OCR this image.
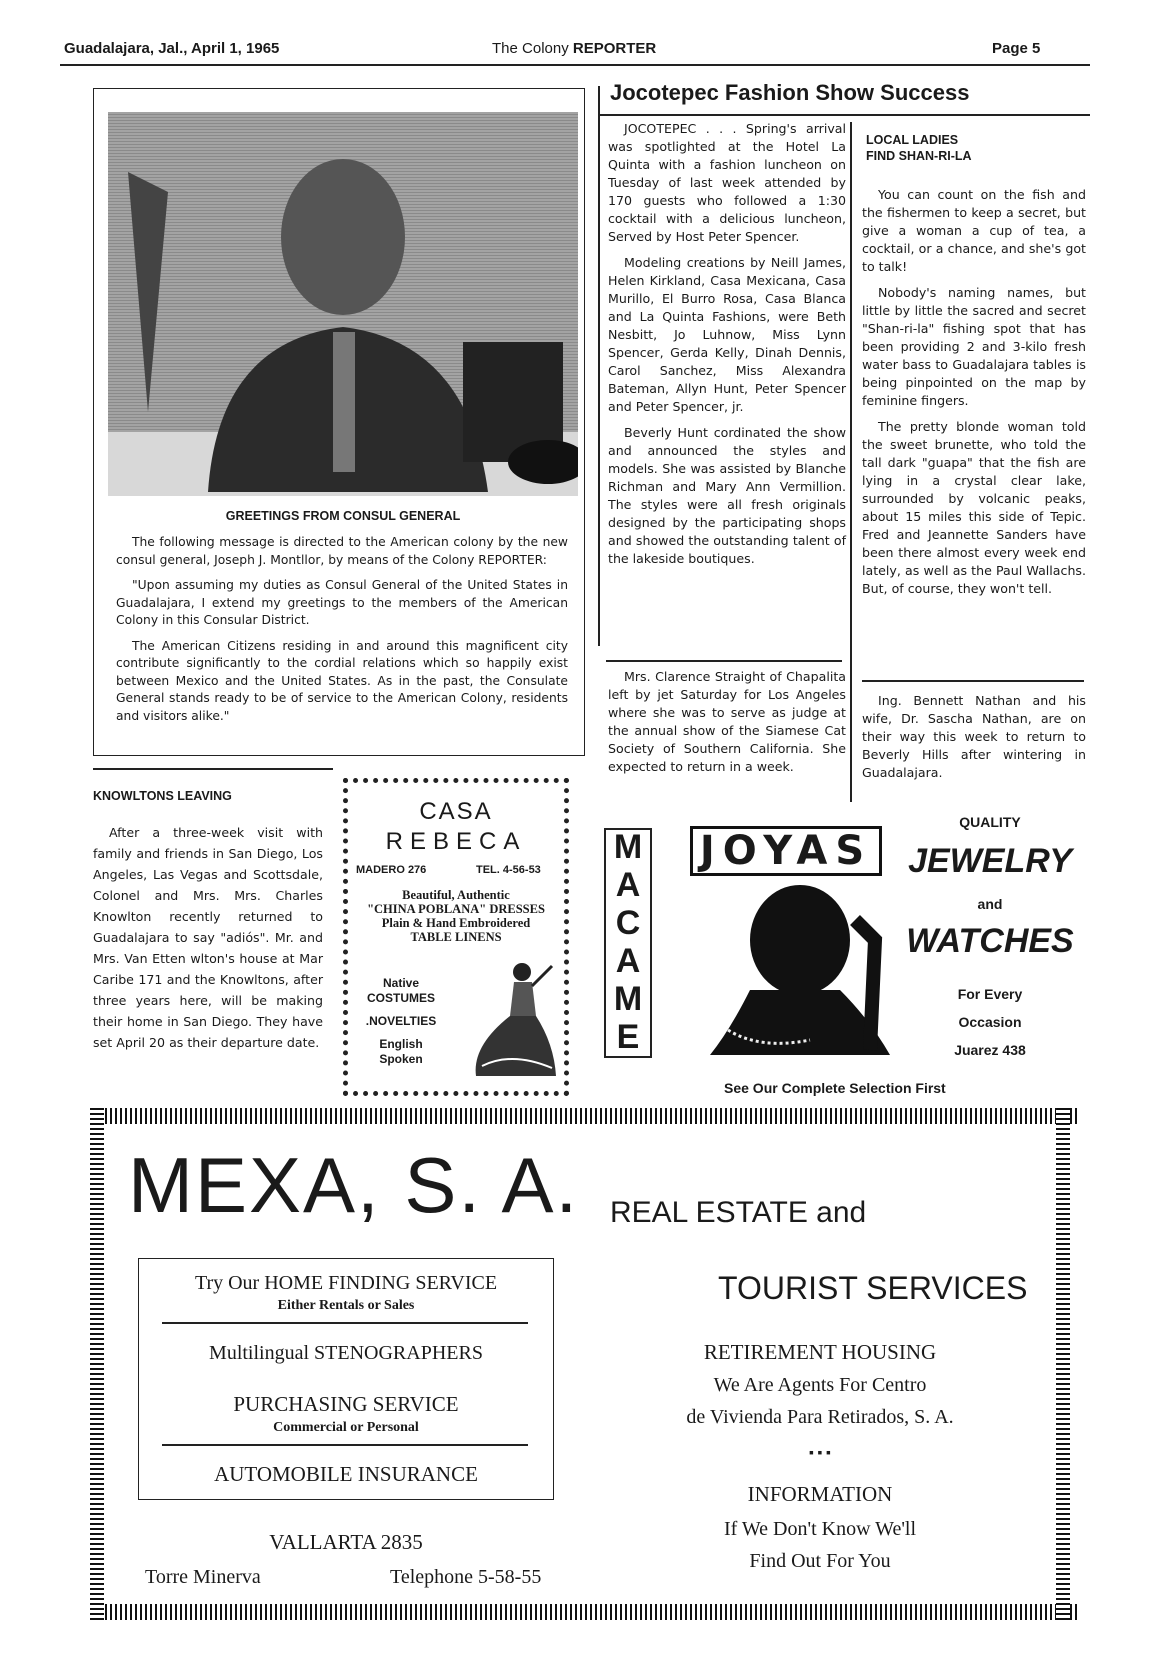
Guadalajara, Jal., April 1, 1965	The Colony REPORTER	Page 5
GREETINGS FROM CONSUL GENERAL

The following message is directed to the American colony by the new consul general, Joseph J. Montllor, by means of the Colony REPORTER:

"Upon assuming my duties as Consul General of the United States in Guadalajara, I extend my greetings to the members of the American Colony in this Consular District.

The American Citizens residing in and around this magnificent city contribute significantly to the cordial relations which so happily exist between Mexico and the United States. As in the past, the Consulate General stands ready to be of service to the American Colony, residents and visitors alike."

Jocotepec Fashion Show Success

JOCOTEPEC . . . Spring's arrival was spotlighted at the Hotel La Quinta with a fashion luncheon on Tuesday of last week attended by 170 guests who followed a 1:30 cocktail with a delicious luncheon, Served by Host Peter Spencer.

Modeling creations by Neill James, Helen Kirkland, Casa Mexicana, Casa Murillo, El Burro Rosa, Casa Blanca and La Quinta Fashions, were Beth Nesbitt, Jo Luhnow, Miss Lynn Spencer, Gerda Kelly, Dinah Dennis, Carol Sanchez, Miss Alexandra Bateman, Allyn Hunt, Peter Spencer and Peter Spencer, jr.

Beverly Hunt cordinated the show and announced the styles and models. She was assisted by Blanche Richman and Mary Ann Vermillion. The styles were all fresh originals designed by the participating shops and showed the outstanding talent of the lakeside boutiques.

Mrs. Clarence Straight of Chapalita left by jet Saturday for Los Angeles where she was to serve as judge at the annual show of the Siamese Cat Society of Southern California. She expected to return in a week.

LOCAL LADIES
FIND SHAN-RI-LA

You can count on the fish and the fishermen to keep a secret, but give a woman a cup of tea, a cocktail, or a chance, and she's got to talk!

Nobody's naming names, but little by little the sacred and secret "Shan-ri-la" fishing spot that has been providing 2 and 3-kilo fresh water bass to Guadalajara tables is being pinpointed on the map by feminine fingers.

The pretty blonde woman told the sweet brunette, who told the tall dark "guapa" that the fish are lying in a crystal clear lake, surrounded by volcanic peaks, about 15 miles this side of Tepic. Fred and Jeannette Sanders have been there almost every week end lately, as well as the Paul Wallachs. But, of course, they won't tell.

Ing. Bennett Nathan and his wife, Dr. Sascha Nathan, are on their way this week to return to Beverly Hills after wintering in Guadalajara.

KNOWLTONS LEAVING

After a three-week visit with family and friends in San Diego, Los Angeles, Las Vegas and Scottsdale, Colonel and Mrs. Mrs. Charles Knowlton recently returned to Guadalajara to say "adiós". Mr. and Mrs. Van Etten wlton's house at Mar Caribe 171 and the Knowltons, after three years here, will be making their home in San Diego. They have set April 20 as their departure date.

CASA
REBECA
MADERO 276	TEL. 4-56-53
Beautiful, Authentic
"CHINA POBLANA" DRESSES
Plain & Hand Embroidered
TABLE LINENS
Native
COSTUMES
.NOVELTIES
English
Spoken
M
A
C
A
M
E
JOYAS
QUALITY
JEWELRY
and
WATCHES
For Every
Occasion
Juarez 438
See Our Complete Selection First
MEXA, S. A. REAL ESTATE and
TOURIST SERVICES
Try Our HOME FINDING SERVICE
Either Rentals or Sales
Multilingual STENOGRAPHERS
PURCHASING SERVICE
Commercial or Personal
AUTOMOBILE INSURANCE
VALLARTA 2835
Torre Minerva	Telephone 5-58-55
RETIREMENT HOUSING
We Are Agents For Centro
de Vivienda Para Retirados, S. A.
▪ ▪ ▪
INFORMATION
If We Don't Know We'll
Find Out For You
